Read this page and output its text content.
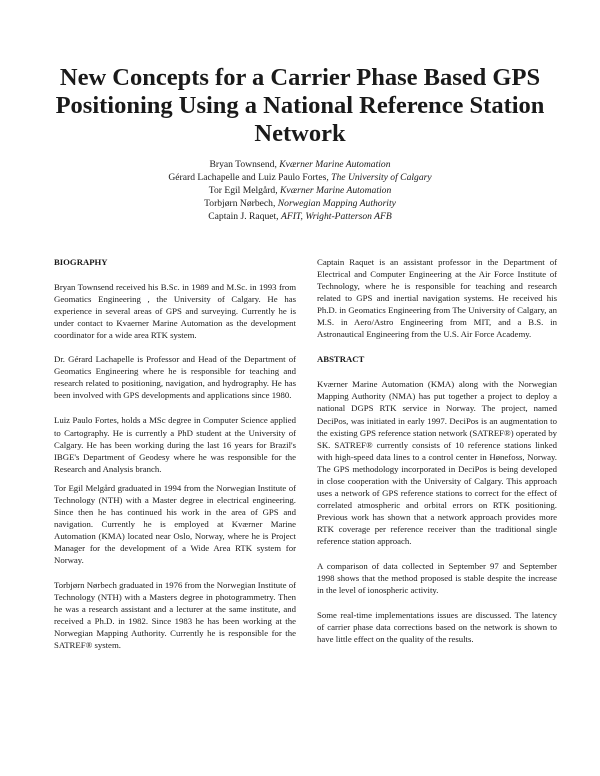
New Concepts for a Carrier Phase Based GPS Positioning Using a National Reference Station Network
Bryan Townsend, Kværner Marine Automation
Gérard Lachapelle and Luiz Paulo Fortes, The University of Calgary
Tor Egil Melgård, Kværner Marine Automation
Torbjørn Nørbech, Norwegian Mapping Authority
Captain J. Raquet, AFIT, Wright-Patterson AFB
BIOGRAPHY

Bryan Townsend received his B.Sc. in 1989 and M.Sc. in 1993 from Geomatics Engineering , the University of Calgary. He has experience in several areas of GPS and surveying. Currently he is under contact to Kvaerner Marine Automation as the development coordinator for a wide area RTK system.

Dr. Gérard Lachapelle is Professor and Head of the Department of Geomatics Engineering where he is responsible for teaching and research related to positioning, navigation, and hydrography. He has been involved with GPS developments and applications since 1980.

Luiz Paulo Fortes, holds a MSc degree in Computer Science applied to Cartography. He is currently a PhD student at the University of Calgary. He has been working during the last 16 years for Brazil's IBGE's Department of Geodesy where he was responsible for the Research and Analysis branch.

Tor Egil Melgård graduated in 1994 from the Norwegian Institute of Technology (NTH) with a Master degree in electrical engineering. Since then he has continued his work in the area of GPS and navigation. Currently he is employed at Kværner Marine Automation (KMA) located near Oslo, Norway, where he is Project Manager for the development of a Wide Area RTK system for Norway.

Torbjørn Nørbech graduated in 1976 from the Norwegian Institute of Technology (NTH) with a Masters degree in photogrammetry. Then he was a research assistant and a lecturer at the same institute, and received a Ph.D. in 1982. Since 1983 he has been working at the Norwegian Mapping Authority. Currently he is responsible for the SATREF® system.

Captain Raquet is an assistant professor in the Department of Electrical and Computer Engineering at the Air Force Institute of Technology, where he is responsible for teaching and research related to GPS and inertial navigation systems. He received his Ph.D. in Geomatics Engineering from The University of Calgary, an M.S. in Aero/Astro Engineering from MIT, and a B.S. in Astronautical Engineering from the U.S. Air Force Academy.

ABSTRACT

Kværner Marine Automation (KMA) along with the Norwegian Mapping Authority (NMA) has put together a project to deploy a national DGPS RTK service in Norway. The project, named DeciPos, was initiated in early 1997. DeciPos is an augmentation to the existing GPS reference station network (SATREF®) operated by SK. SATREF® currently consists of 10 reference stations linked with high-speed data lines to a control center in Hønefoss, Norway. The GPS methodology incorporated in DeciPos is being developed in close cooperation with the University of Calgary. This approach uses a network of GPS reference stations to correct for the effect of correlated atmospheric and orbital errors on RTK positioning. Previous work has shown that a network approach provides more RTK coverage per reference receiver than the traditional single reference station approach.

A comparison of data collected in September 97 and September 1998 shows that the method proposed is stable despite the increase in the level of ionospheric activity.

Some real-time implementations issues are discussed. The latency of carrier phase data corrections based on the network is shown to have little effect on the quality of the results.
